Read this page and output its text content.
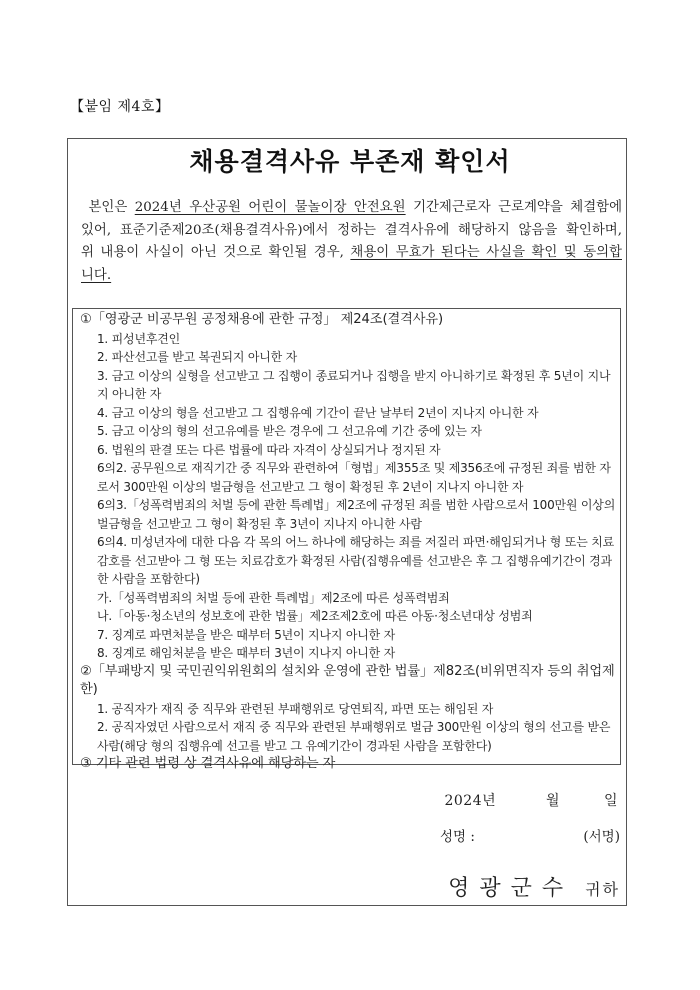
【붙임 제4호】
채용결격사유 부존재 확인서
본인은 2024년 우산공원 어린이 물놀이장 안전요원 기간제근로자 근로계약을 체결함에 있어, 표준기준제20조(채용결격사유)에서 정하는 결격사유에 해당하지 않음을 확인하며, 위 내용이 사실이 아닌 것으로 확인될 경우, 채용이 무효가 된다는 사실을 확인 및 동의합니다.
①「영광군 비공무원 공정채용에 관한 규정」 제24조(결격사유)
1. 피성년후견인
2. 파산선고를 받고 복권되지 아니한 자
3. 금고 이상의 실형을 선고받고 그 집행이 종료되거나 집행을 받지 아니하기로 확정된 후 5년이 지나지 아니한 자
4. 금고 이상의 형을 선고받고 그 집행유예 기간이 끝난 날부터 2년이 지나지 아니한 자
5. 금고 이상의 형의 선고유예를 받은 경우에 그 선고유예 기간 중에 있는 자
6. 법원의 판결 또는 다른 법률에 따라 자격이 상실되거나 정지된 자
6의2. 공무원으로 재직기간 중 직무와 관련하여「형법」제355조 및 제356조에 규정된 죄를 범한 자로서 300만원 이상의 벌금형을 선고받고 그 형이 확정된 후 2년이 지나지 아니한 자
6의3.「성폭력범죄의 처벌 등에 관한 특례법」제2조에 규정된 죄를 범한 사람으로서 100만원 이상의 벌금형을 선고받고 그 형이 확정된 후 3년이 지나지 아니한 사람
6의4. 미성년자에 대한 다음 각 목의 어느 하나에 해당하는 죄를 저질러 파면·해임되거나 형 또는 치료감호를 선고받아 그 형 또는 치료감호가 확정된 사람(집행유예를 선고받은 후 그 집행유예기간이 경과한 사람을 포함한다)
가.「성폭력범죄의 처벌 등에 관한 특례법」제2조에 따른 성폭력범죄
나.「아동·청소년의 성보호에 관한 법률」제2조제2호에 따른 아동·청소년대상 성범죄
7. 징계로 파면처분을 받은 때부터 5년이 지나지 아니한 자
8. 징계로 해임처분을 받은 때부터 3년이 지나지 아니한 자
②「부패방지 및 국민권익위원회의 설치와 운영에 관한 법률」제82조(비위면직자 등의 취업제한)
1. 공직자가 재직 중 직무와 관련된 부패행위로 당연퇴직, 파면 또는 해임된 자
2. 공직자였던 사람으로서 재직 중 직무와 관련된 부패행위로 벌금 300만원 이상의 형의 선고를 받은 사람(해당 형의 집행유예 선고를 받고 그 유예기간이 경과된 사람을 포함한다)
③ 기타 관련 법령 상 결격사유에 해당하는 자
2024년	월	일
성명 :	(서명)
영광군수 귀하
